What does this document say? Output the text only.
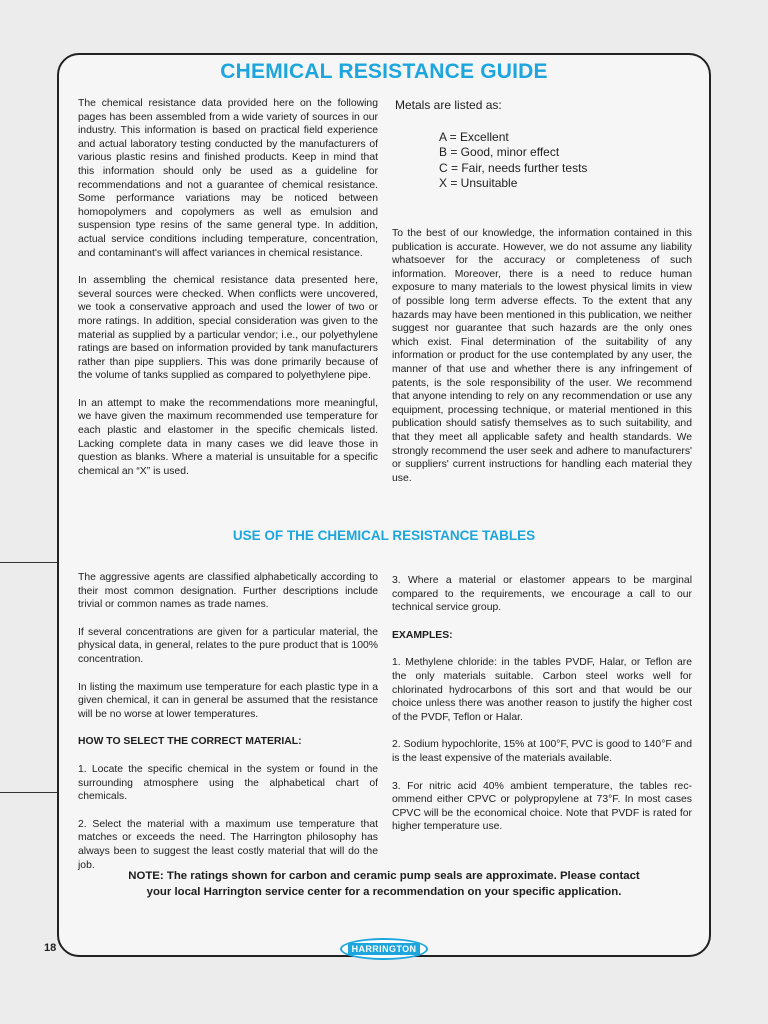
CHEMICAL RESISTANCE GUIDE

The chemical resistance data provided here on the following pages has been assembled from a wide variety of sources in our industry. This information is based on practical field experience and actual laboratory testing conducted by the manufacturers of various plastic resins and finished products. Keep in mind that this information should only be used as a guideline for recommendations and not a guarantee of chemical resistance. Some performance variations may be noticed between homopolymers and copolymers as well as emulsion and suspension type resins of the same general type. In addition, actual service conditions including temperature, concentration, and contaminant's will affect variances in chemical resistance.

In assembling the chemical resistance data presented here, several sources were checked. When conflicts were uncovered, we took a conservative approach and used the lower of two or more ratings. In addition, special consideration was given to the material as supplied by a particular vendor; i.e., our polyethylene ratings are based on information provided by tank manufacturers rather than pipe suppliers. This was done primarily because of the volume of tanks supplied as compared to polyethylene pipe.

In an attempt to make the recommendations more meaningful, we have given the maximum recommended use temperature for each plastic and elastomer in the specific chemicals listed. Lacking complete data in many cases we did leave those in question as blanks. Where a material is unsuitable for a specific chemical an “X” is used.

Metals are listed as:
A = Excellent
B = Good, minor effect
C = Fair, needs further tests
X = Unsuitable

To the best of our knowledge, the information contained in this publication is accurate. However, we do not assume any liability whatsoever for the accuracy or completeness of such information. Moreover, there is a need to reduce human exposure to many materials to the lowest physical limits in view of possible long term adverse effects. To the extent that any hazards may have been mentioned in this publication, we neither suggest nor guarantee that such hazards are the only ones which exist. Final determination of the suitability of any information or product for the use contemplated by any user, the manner of that use and whether there is any infringement of patents, is the sole responsibility of the user. We recommend that anyone intending to rely on any recommendation or use any equipment, processing technique, or material mentioned in this publication should satisfy themselves as to such suitability, and that they meet all applicable safety and health standards. We strongly recommend the user seek and adhere to manufacturers' or suppliers' current instructions for handling each material they use.

USE OF THE CHEMICAL RESISTANCE TABLES

The aggressive agents are classified alphabetically according to their most common designation. Further descriptions include trivial or common names as trade names.

If several concentrations are given for a particular material, the physical data, in general, relates to the pure product that is 100% concentration.

In listing the maximum use temperature for each plastic type in a given chemical, it can in general be assumed that the resistance will be no worse at lower temperatures.

HOW TO SELECT THE CORRECT MATERIAL:

1. Locate the specific chemical in the system or found in the surrounding atmosphere using the alphabetical chart of chemicals.

2. Select the material with a maximum use temperature that matches or exceeds the need. The Harrington philosophy has always been to suggest the least costly material that will do the job.

3. Where a material or elastomer appears to be marginal compared to the requirements, we encourage a call to our technical service group.

EXAMPLES:

1. Methylene chloride: in the tables PVDF, Halar, or Teflon are the only materials suitable. Carbon steel works well for chlorinated hydrocarbons of this sort and that would be our choice unless there was another reason to justify the higher cost of the PVDF, Teflon or Halar.

2. Sodium hypochlorite, 15% at 100°F, PVC is good to 140°F and is the least expensive of the materials available.

3. For nitric acid 40% ambient temperature, the tables recommend either CPVC or polypropylene at 73°F. In most cases CPVC will be the economical choice. Note that PVDF is rated for higher temperature use.

NOTE: The ratings shown for carbon and ceramic pump seals are approximate. Please contact
your local Harrington service center for a recommendation on your specific application.
18	HARRINGTON
